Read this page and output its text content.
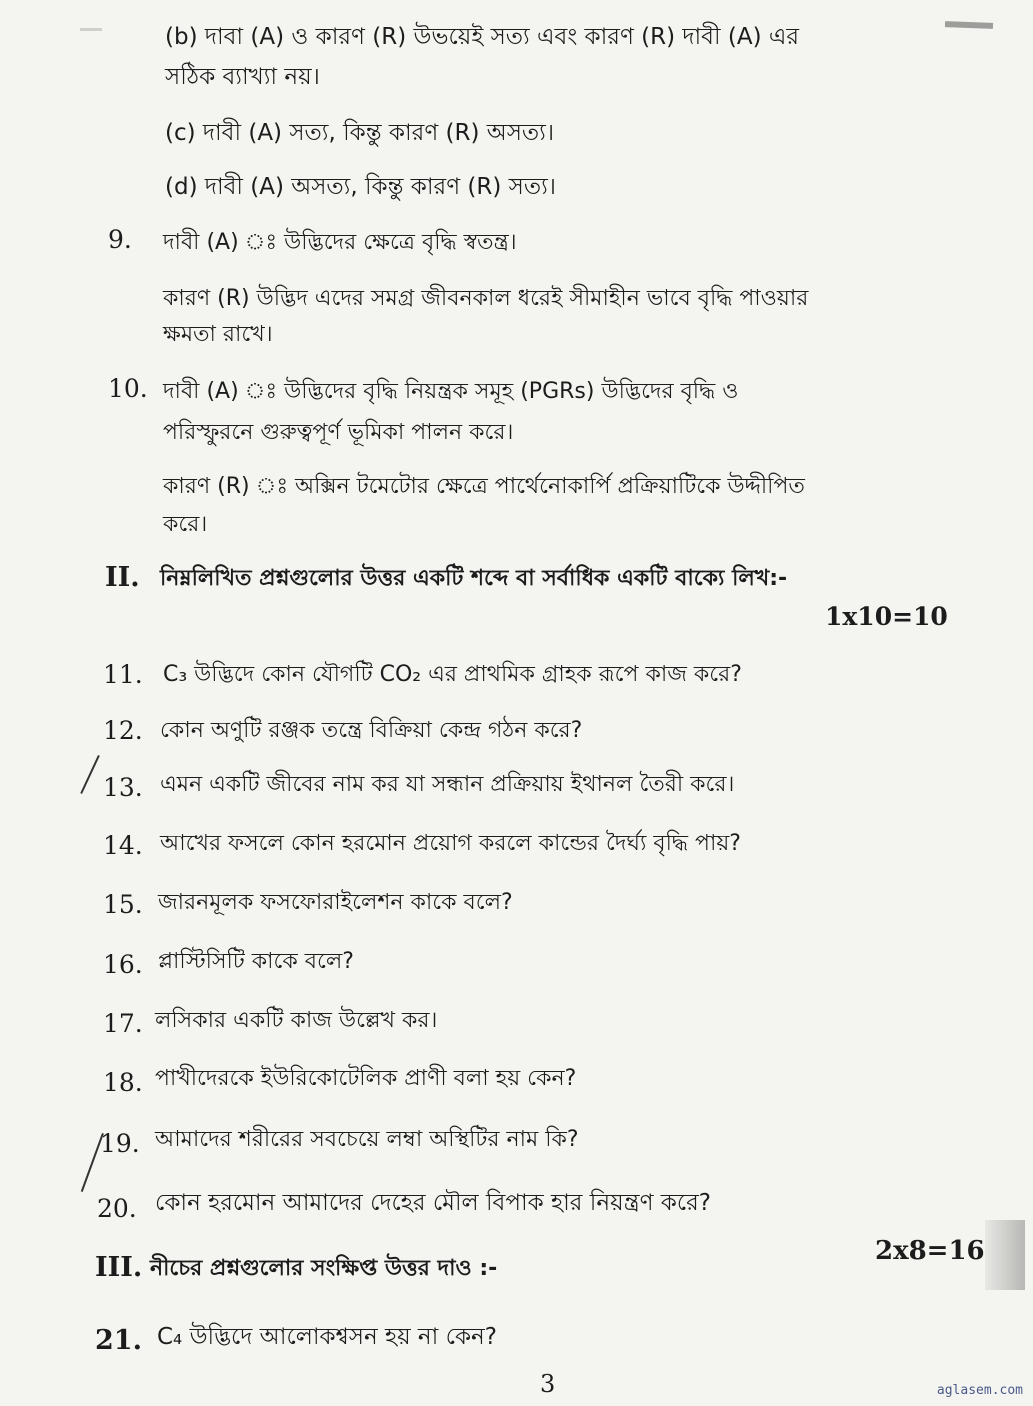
(b) দাবা (A) ও কারণ (R) উভয়েই সত্য এবং কারণ (R) দাবী (A) এর
সঠিক ব্যাখ্যা নয়।
(c) দাবী (A) সত্য, কিন্তু কারণ (R) অসত্য।
(d) দাবী (A) অসত্য, কিন্তু কারণ (R) সত্য।
9. দাবী (A) ঃ উদ্ভিদের ক্ষেত্রে বৃদ্ধি স্বতন্ত্র।
কারণ (R) উদ্ভিদ এদের সমগ্র জীবনকাল ধরেই সীমাহীন ভাবে বৃদ্ধি পাওয়ার
ক্ষমতা রাখে।
10. দাবী (A) ঃ উদ্ভিদের বৃদ্ধি নিয়ন্ত্রক সমূহ (PGRs) উদ্ভিদের বৃদ্ধি ও
পরিস্ফুরনে গুরুত্বপূর্ণ ভূমিকা পালন করে।
কারণ (R) ঃ অক্সিন টমেটোর ক্ষেত্রে পার্থেনোকার্পি প্রক্রিয়াটিকে উদ্দীপিত
করে।
II. নিম্নলিখিত প্রশ্নগুলোর উত্তর একটি শব্দে বা সর্বাধিক একটি বাক্যে লিখ:-
1x10=10
11. C₃ উদ্ভিদে কোন যৌগটি CO₂ এর প্রাথমিক গ্রাহক রূপে কাজ করে?
12. কোন অণুটি রঞ্জক তন্ত্রে বিক্রিয়া কেন্দ্র গঠন করে?
13. এমন একটি জীবের নাম কর যা সন্ধান প্রক্রিয়ায় ইথানল তৈরী করে।
14. আখের ফসলে কোন হরমোন প্রয়োগ করলে কান্ডের দৈর্ঘ্য বৃদ্ধি পায়?
15. জারনমূলক ফসফোরাইলেশন কাকে বলে?
16. প্লাস্টিসিটি কাকে বলে?
17. লসিকার একটি কাজ উল্লেখ কর।
18. পাখীদেরকে ইউরিকোটেলিক প্রাণী বলা হয় কেন?
19. আমাদের শরীরের সবচেয়ে লম্বা অস্থিটির নাম কি?
20. কোন হরমোন আমাদের দেহের মৌল বিপাক হার নিয়ন্ত্রণ করে?
III. নীচের প্রশ্নগুলোর সংক্ষিপ্ত উত্তর দাও :-
2x8=16
21. C₄ উদ্ভিদে আলোকশ্বসন হয় না কেন?
3	aglasem.com
